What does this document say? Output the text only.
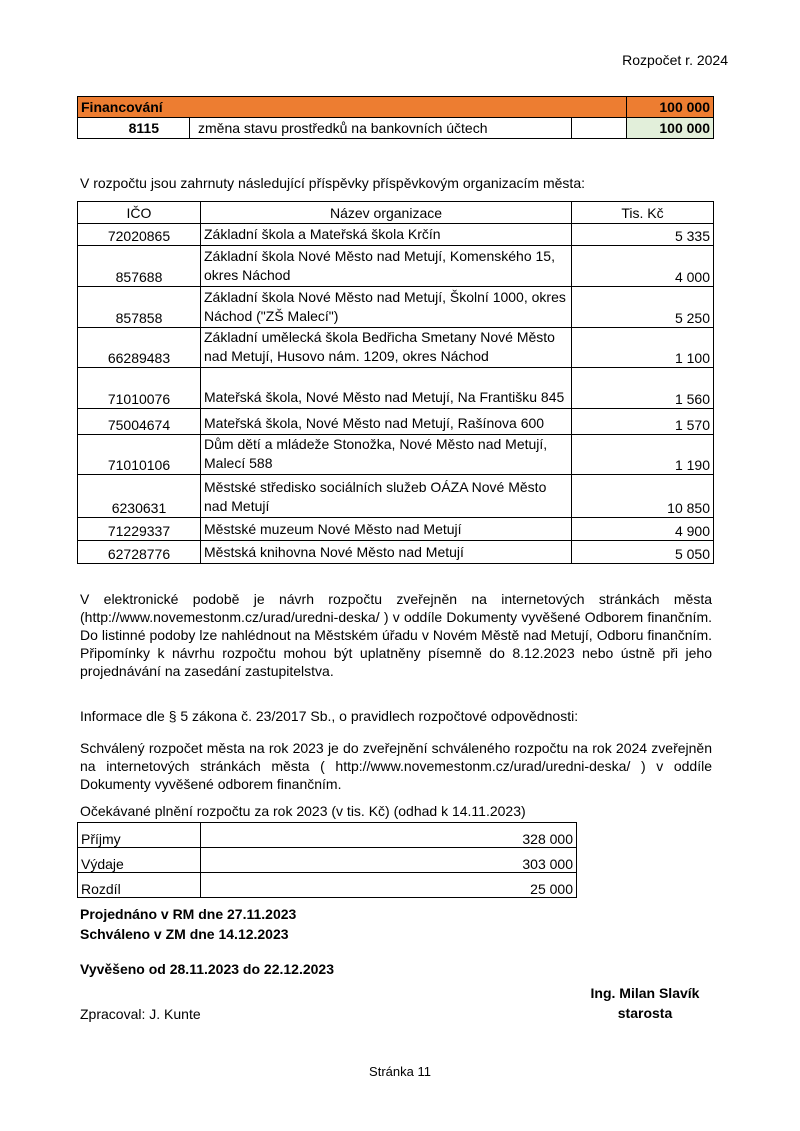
Rozpočet r. 2024
Financování			100 000
8115	změna stavu prostředků na bankovních účtech		100 000
V rozpočtu jsou zahrnuty následující příspěvky příspěvkovým organizacím města:
IČO	Název organizace	Tis. Kč
72020865	Základní škola a Mateřská škola Krčín	5 335
857688	Základní škola Nové Město nad Metují, Komenského 15, okres Náchod	4 000
857858	Základní škola Nové Město nad Metují, Školní 1000, okres Náchod ("ZŠ Malecí")	5 250
66289483	Základní umělecká škola Bedřicha Smetany Nové Město nad Metují, Husovo nám. 1209, okres Náchod	1 100
71010076	Mateřská škola, Nové Město nad Metují, Na Františku 845	1 560
75004674	Mateřská škola, Nové Město nad Metují, Rašínova 600	1 570
71010106	Dům dětí a mládeže Stonožka, Nové Město nad Metují, Malecí 588	1 190
6230631	Městské středisko sociálních služeb OÁZA Nové Město nad Metují	10 850
71229337	Městské muzeum Nové Město nad Metují	4 900
62728776	Městská knihovna Nové Město nad Metují	5 050
V elektronické podobě je návrh rozpočtu zveřejněn na internetových stránkách města (http://www.novemestonm.cz/urad/uredni-deska/ ) v oddíle Dokumenty vyvěšené Odborem finančním. Do listinné podoby lze nahlédnout na Městském úřadu v Novém Městě nad Metují, Odboru finančním. Připomínky k návrhu rozpočtu mohou být uplatněny písemně do 8.12.2023 nebo ústně při jeho projednávání na zasedání zastupitelstva.
Informace dle § 5 zákona č. 23/2017 Sb., o pravidlech rozpočtové odpovědnosti:
Schválený rozpočet města na rok 2023 je do zveřejnění schváleného rozpočtu na rok 2024 zveřejněn na internetových stránkách města ( http://www.novemestonm.cz/urad/uredni-deska/ ) v oddíle Dokumenty vyvěšené odborem finančním.
Očekávané plnění rozpočtu za rok 2023 (v tis. Kč) (odhad k 14.11.2023)
Příjmy	328 000
Výdaje	303 000
Rozdíl	25 000
Projednáno v RM dne 27.11.2023
Schváleno v ZM dne 14.12.2023
Vyvěšeno od 28.11.2023 do 22.12.2023
Ing. Milan Slavík
starosta
Zpracoval: J. Kunte
Stránka 11
